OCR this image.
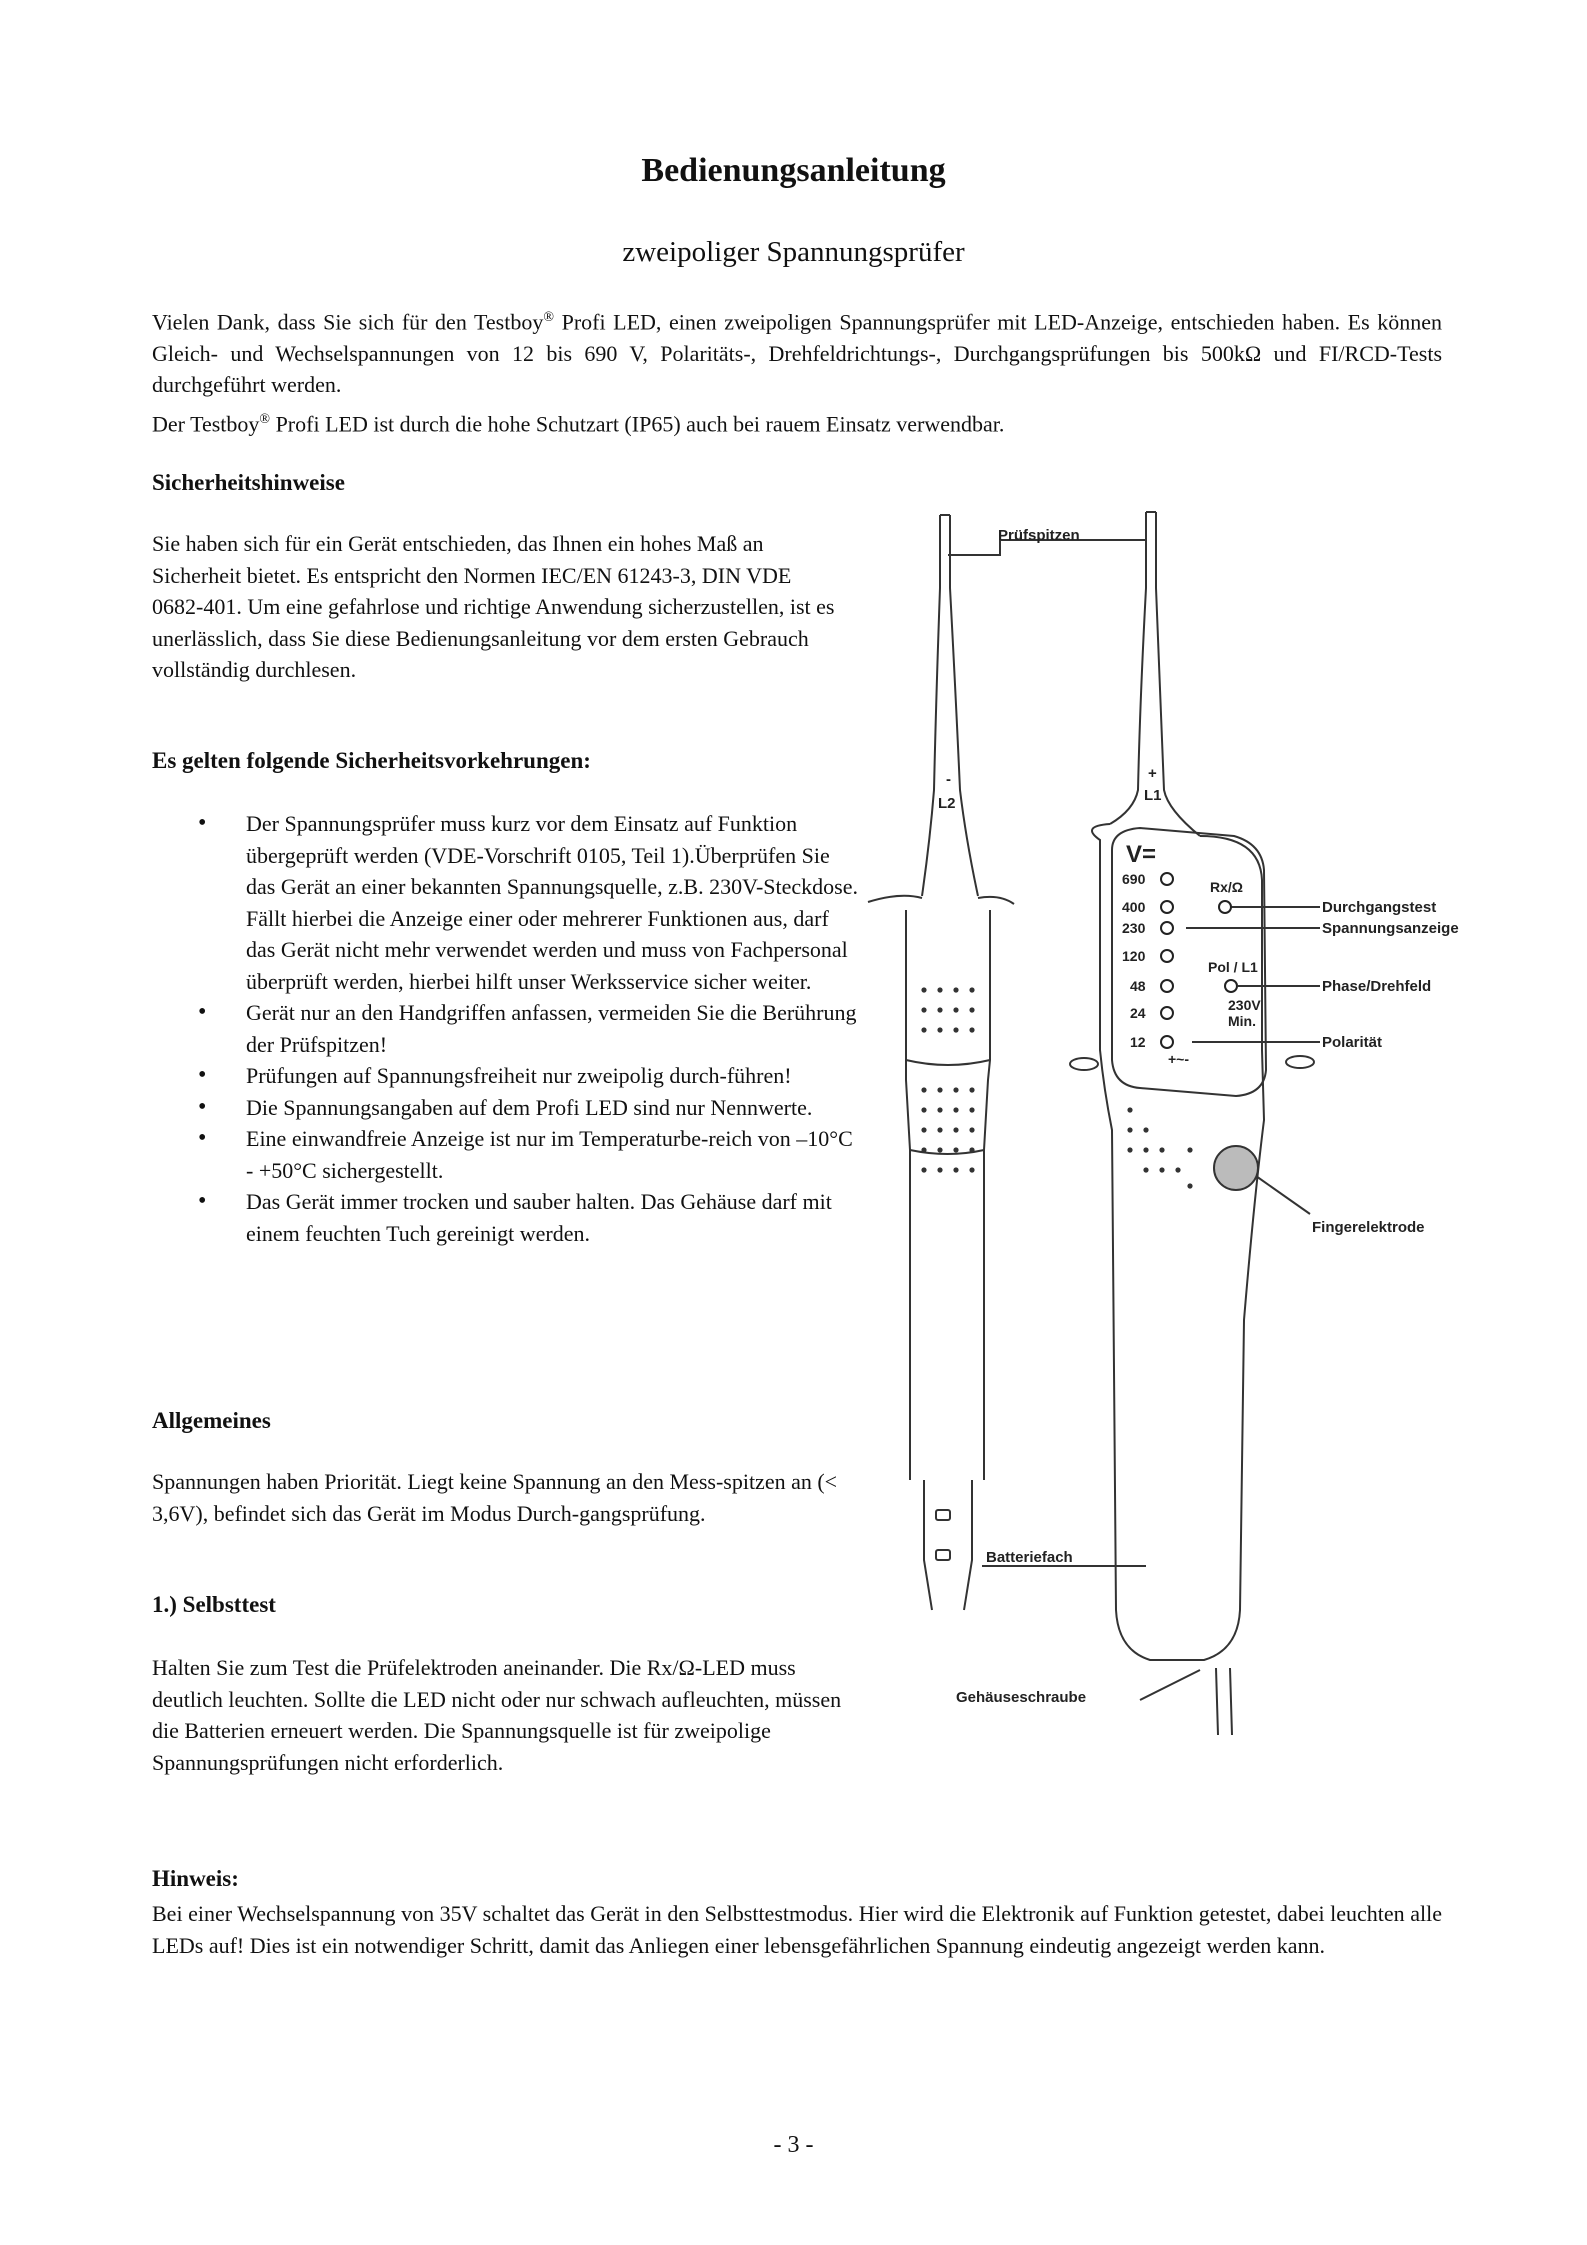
Bedienungsanleitung
zweipoliger Spannungsprüfer
Vielen Dank, dass Sie sich für den Testboy® Profi LED, einen zweipoligen Spannungsprüfer mit LED-Anzeige, entschieden haben. Es können Gleich- und Wechselspannungen von 12 bis 690 V, Polaritäts-, Drehfeldrichtungs-, Durchgangsprüfungen bis 500kΩ und FI/RCD-Tests durchgeführt werden.
Der Testboy® Profi LED ist durch die hohe Schutzart (IP65) auch bei rauem Einsatz verwendbar.
Sicherheitshinweise
Sie haben sich für ein Gerät entschieden, das Ihnen ein hohes Maß an Sicherheit bietet. Es entspricht den Normen IEC/EN 61243-3, DIN VDE 0682-401. Um eine gefahrlose und richtige Anwendung sicherzustellen, ist es unerlässlich, dass Sie diese Bedienungsanleitung vor dem ersten Gebrauch vollständig durchlesen.
Es gelten folgende Sicherheitsvorkehrungen:
• Der Spannungsprüfer muss kurz vor dem Einsatz auf Funktion übergeprüft werden (VDE-Vorschrift 0105, Teil 1).Überprüfen Sie das Gerät an einer bekannten Spannungsquelle, z.B. 230V-Steckdose. Fällt hierbei die Anzeige einer oder mehrerer Funktionen aus, darf das Gerät nicht mehr verwendet werden und muss von Fachpersonal überprüft werden, hierbei hilft unser Werksservice sicher weiter.
• Gerät nur an den Handgriffen anfassen, vermeiden Sie die Berührung der Prüfspitzen!
• Prüfungen auf Spannungsfreiheit nur zweipolig durch-führen!
• Die Spannungsangaben auf dem Profi LED sind nur Nennwerte.
• Eine einwandfreie Anzeige ist nur im Temperaturbe-reich von –10°C - +50°C sichergestellt.
• Das Gerät immer trocken und sauber halten. Das Gehäuse darf mit einem feuchten Tuch gereinigt werden.
Allgemeines
Spannungen haben Priorität. Liegt keine Spannung an den Mess-spitzen an (< 3,6V), befindet sich das Gerät im Modus Durch-gangsprüfung.
1.) Selbsttest
Halten Sie zum Test die Prüfelektroden aneinander. Die Rx/Ω-LED muss deutlich leuchten. Sollte die LED nicht oder nur schwach aufleuchten, müssen die Batterien erneuert werden. Die Spannungsquelle ist für zweipolige Spannungsprüfungen nicht erforderlich.
Hinweis:
Bei einer Wechselspannung von 35V schaltet das Gerät in den Selbsttestmodus. Hier wird die Elektronik auf Funktion getestet, dabei leuchten alle LEDs auf! Dies ist ein notwendiger Schritt, damit das Anliegen einer lebensgefährlichen Spannung eindeutig angezeigt werden kann.
- 3 -
Prüfspitzen
-
L2
+
L1
V=
690
400
230
120
48
24
12
Rx/Ω
Pol / L1
230V
Min.
+~-
Durchgangstest
Spannungsanzeige
Phase/Drehfeld
Polarität
Fingerelektrode
Batteriefach
Gehäuseschraube
